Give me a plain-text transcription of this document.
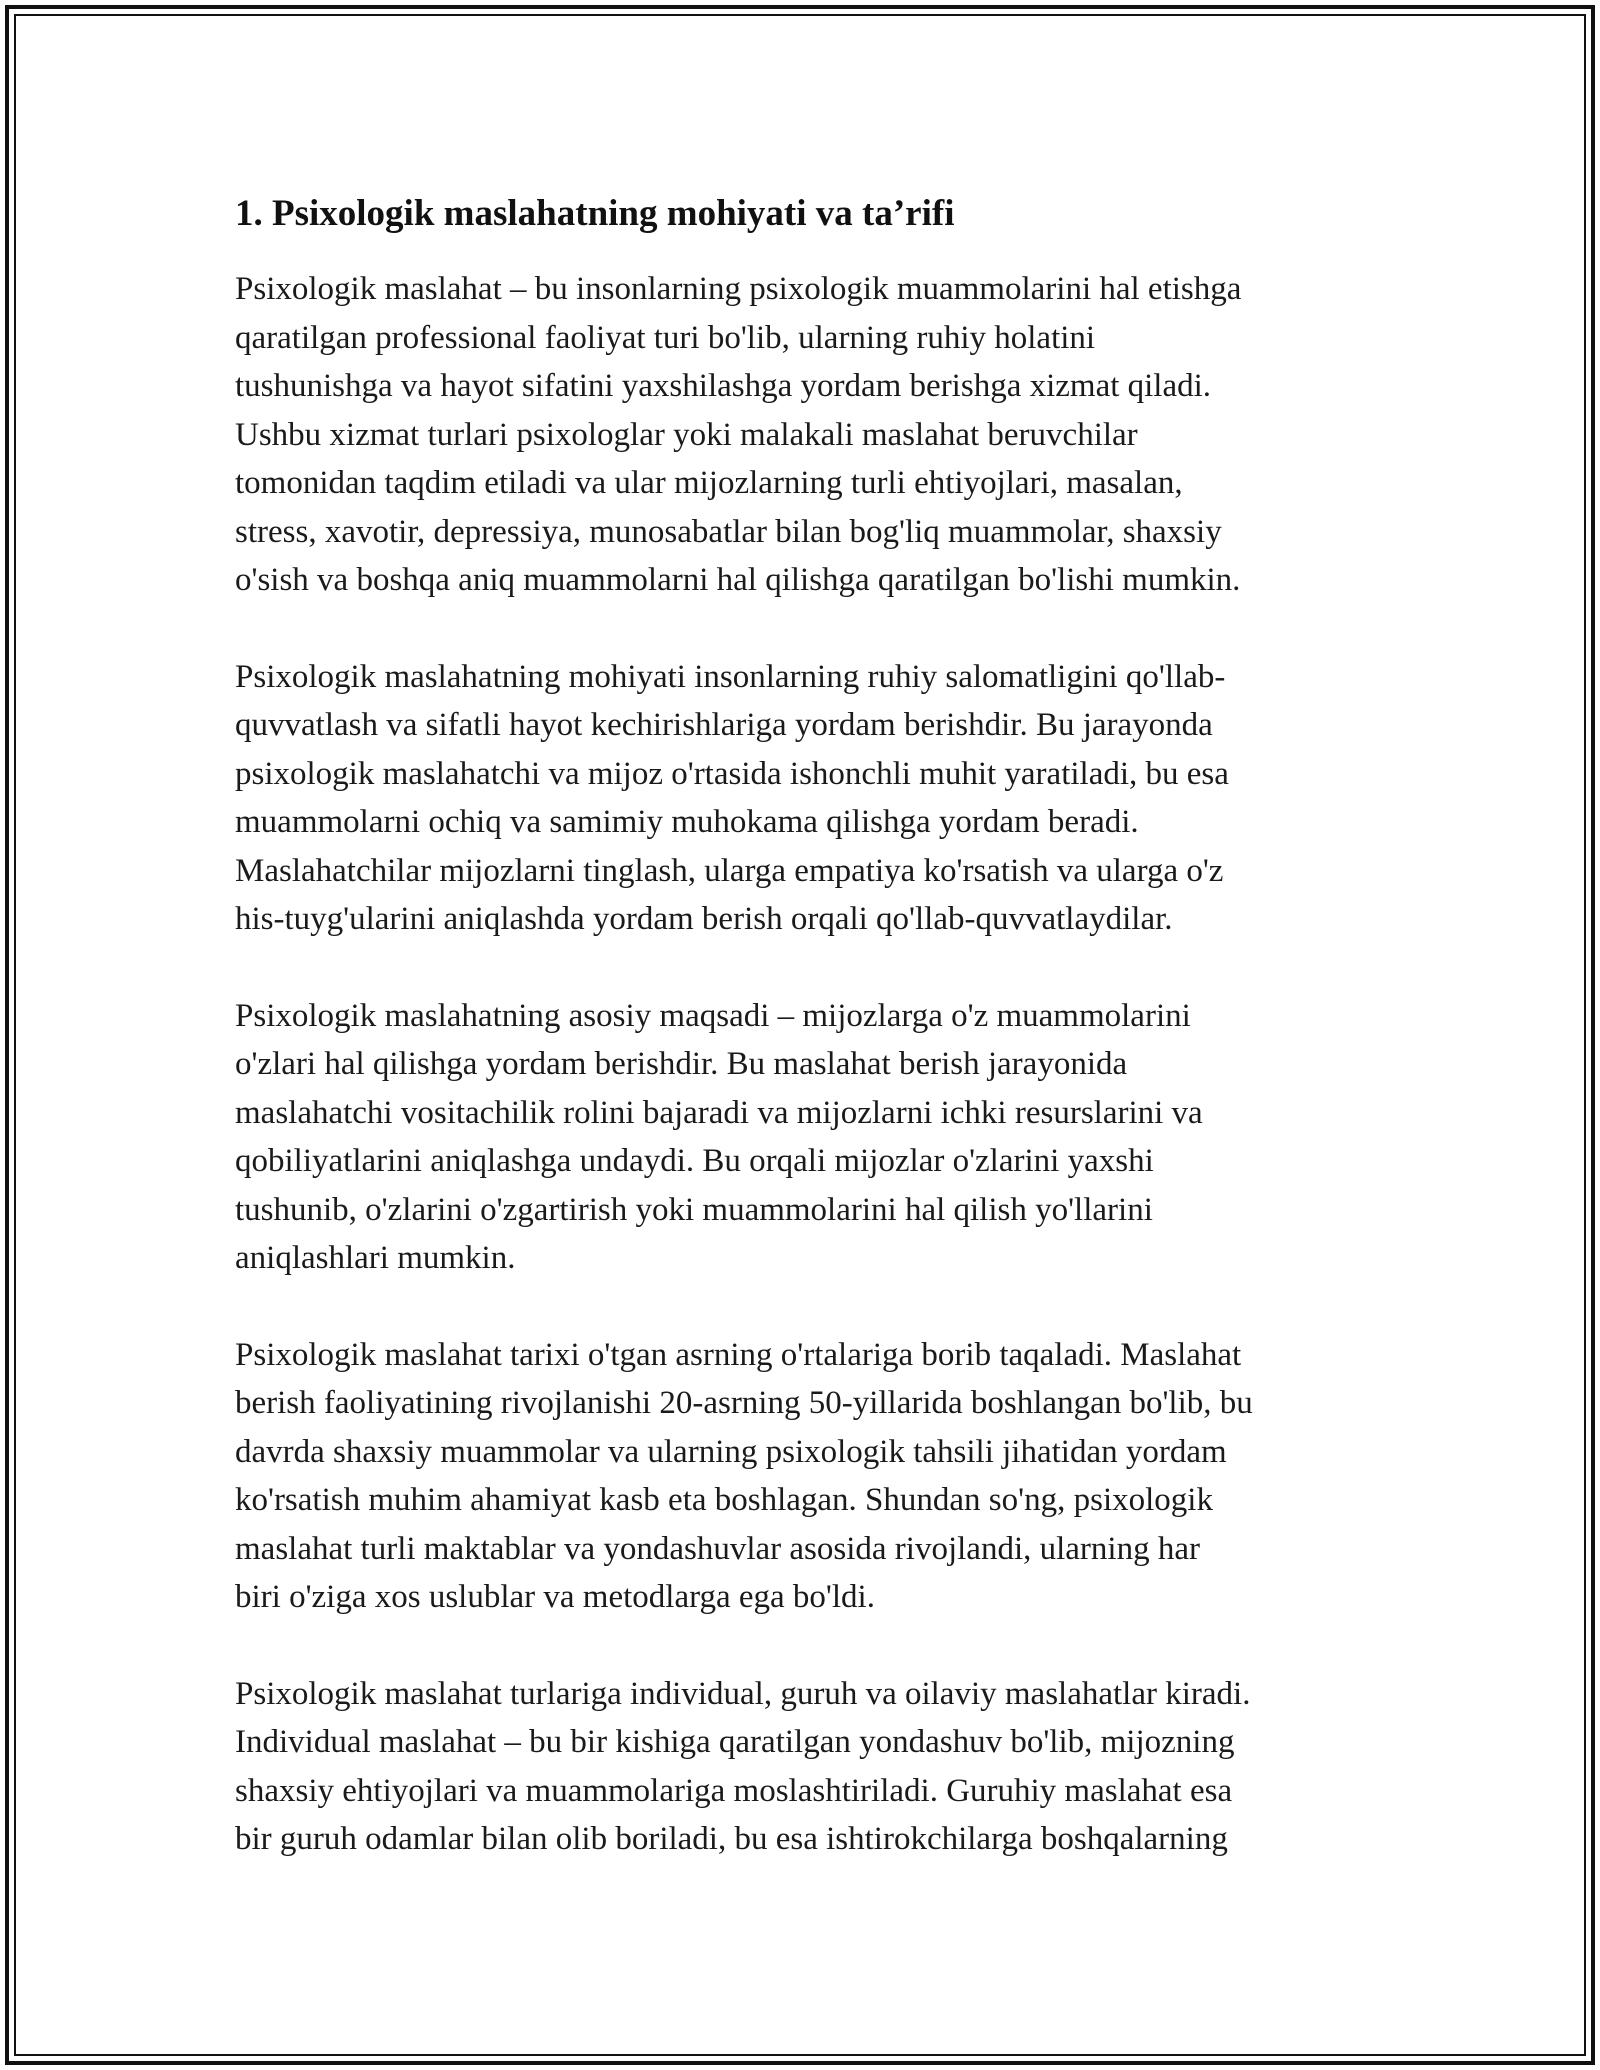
1. Psixologik maslahatning mohiyati va ta’rifi

Psixologik maslahat – bu insonlarning psixologik muammolarini hal etishga
qaratilgan professional faoliyat turi bo'lib, ularning ruhiy holatini
tushunishga va hayot sifatini yaxshilashga yordam berishga xizmat qiladi.
Ushbu xizmat turlari psixologlar yoki malakali maslahat beruvchilar
tomonidan taqdim etiladi va ular mijozlarning turli ehtiyojlari, masalan,
stress, xavotir, depressiya, munosabatlar bilan bog'liq muammolar, shaxsiy
o'sish va boshqa aniq muammolarni hal qilishga qaratilgan bo'lishi mumkin.

Psixologik maslahatning mohiyati insonlarning ruhiy salomatligini qo'llab-
quvvatlash va sifatli hayot kechirishlariga yordam berishdir. Bu jarayonda
psixologik maslahatchi va mijoz o'rtasida ishonchli muhit yaratiladi, bu esa
muammolarni ochiq va samimiy muhokama qilishga yordam beradi.
Maslahatchilar mijozlarni tinglash, ularga empatiya ko'rsatish va ularga o'z
his-tuyg'ularini aniqlashda yordam berish orqali qo'llab-quvvatlaydilar.

Psixologik maslahatning asosiy maqsadi – mijozlarga o'z muammolarini
o'zlari hal qilishga yordam berishdir. Bu maslahat berish jarayonida
maslahatchi vositachilik rolini bajaradi va mijozlarni ichki resurslarini va
qobiliyatlarini aniqlashga undaydi. Bu orqali mijozlar o'zlarini yaxshi
tushunib, o'zlarini o'zgartirish yoki muammolarini hal qilish yo'llarini
aniqlashlari mumkin.

Psixologik maslahat tarixi o'tgan asrning o'rtalariga borib taqaladi. Maslahat
berish faoliyatining rivojlanishi 20-asrning 50-yillarida boshlangan bo'lib, bu
davrda shaxsiy muammolar va ularning psixologik tahsili jihatidan yordam
ko'rsatish muhim ahamiyat kasb eta boshlagan. Shundan so'ng, psixologik
maslahat turli maktablar va yondashuvlar asosida rivojlandi, ularning har
biri o'ziga xos uslublar va metodlarga ega bo'ldi.

Psixologik maslahat turlariga individual, guruh va oilaviy maslahatlar kiradi.
Individual maslahat – bu bir kishiga qaratilgan yondashuv bo'lib, mijozning
shaxsiy ehtiyojlari va muammolariga moslashtiriladi. Guruhiy maslahat esa
bir guruh odamlar bilan olib boriladi, bu esa ishtirokchilarga boshqalarning
